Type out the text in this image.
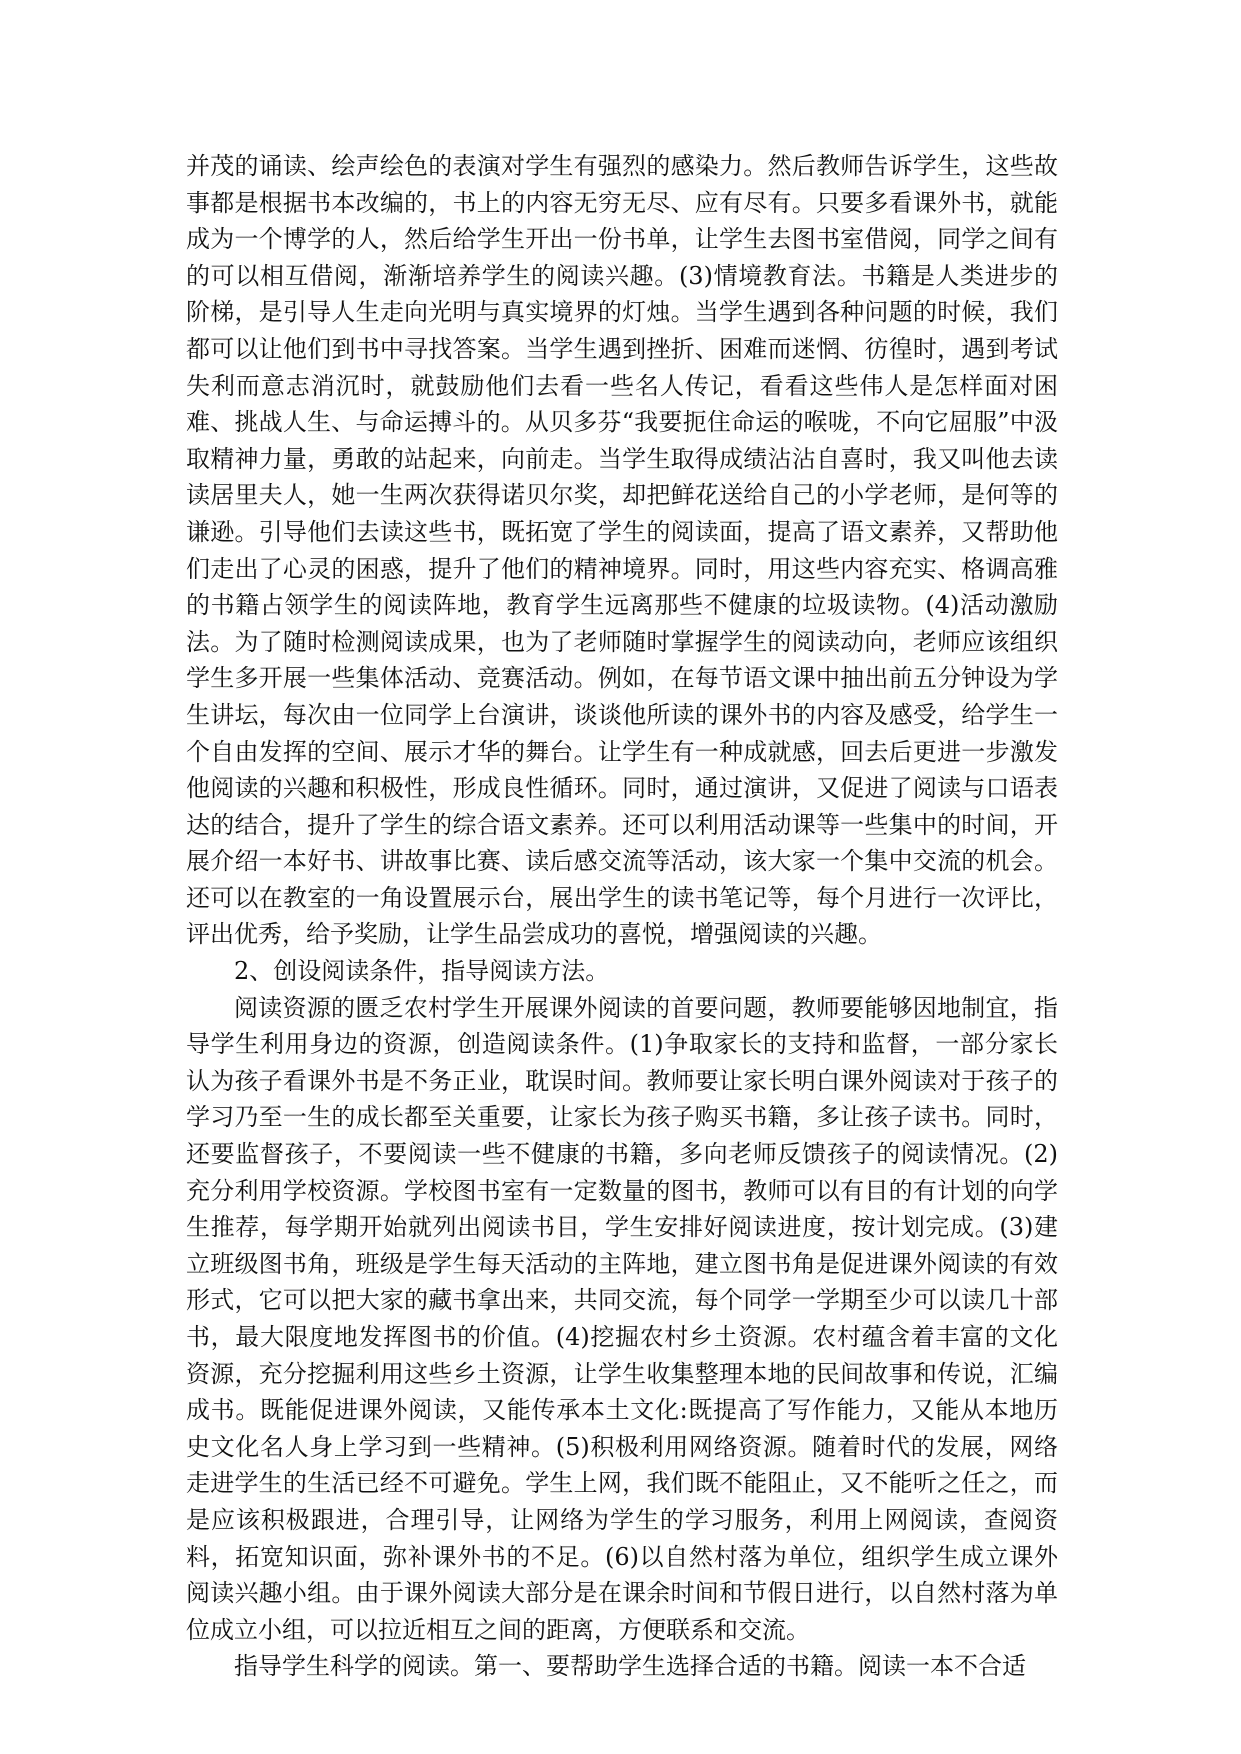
并茂的诵读、绘声绘色的表演对学生有强烈的感染力。然后教师告诉学生，这些故事都是根据书本改编的，书上的内容无穷无尽、应有尽有。只要多看课外书，就能成为一个博学的人，然后给学生开出一份书单，让学生去图书室借阅，同学之间有的可以相互借阅，渐渐培养学生的阅读兴趣。(3)情境教育法。书籍是人类进步的阶梯，是引导人生走向光明与真实境界的灯烛。当学生遇到各种问题的时候，我们都可以让他们到书中寻找答案。当学生遇到挫折、困难而迷惘、彷徨时，遇到考试失利而意志消沉时，就鼓励他们去看一些名人传记，看看这些伟人是怎样面对困难、挑战人生、与命运搏斗的。从贝多芬“我要扼住命运的喉咙，不向它屈服”中汲取精神力量，勇敢的站起来，向前走。当学生取得成绩沾沾自喜时，我又叫他去读读居里夫人，她一生两次获得诺贝尔奖，却把鲜花送给自己的小学老师，是何等的谦逊。引导他们去读这些书，既拓宽了学生的阅读面，提高了语文素养，又帮助他们走出了心灵的困惑，提升了他们的精神境界。同时，用这些内容充实、格调高雅的书籍占领学生的阅读阵地，教育学生远离那些不健康的垃圾读物。(4)活动激励法。为了随时检测阅读成果，也为了老师随时掌握学生的阅读动向，老师应该组织学生多开展一些集体活动、竞赛活动。例如，在每节语文课中抽出前五分钟设为学生讲坛，每次由一位同学上台演讲，谈谈他所读的课外书的内容及感受，给学生一个自由发挥的空间、展示才华的舞台。让学生有一种成就感，回去后更进一步激发他阅读的兴趣和积极性，形成良性循环。同时，通过演讲，又促进了阅读与口语表达的结合，提升了学生的综合语文素养。还可以利用活动课等一些集中的时间，开展介绍一本好书、讲故事比赛、读后感交流等活动，该大家一个集中交流的机会。还可以在教室的一角设置展示台，展出学生的读书笔记等，每个月进行一次评比，评出优秀，给予奖励，让学生品尝成功的喜悦，增强阅读的兴趣。

2、创设阅读条件，指导阅读方法。

阅读资源的匮乏农村学生开展课外阅读的首要问题，教师要能够因地制宜，指导学生利用身边的资源，创造阅读条件。(1)争取家长的支持和监督，一部分家长认为孩子看课外书是不务正业，耽误时间。教师要让家长明白课外阅读对于孩子的学习乃至一生的成长都至关重要，让家长为孩子购买书籍，多让孩子读书。同时，还要监督孩子，不要阅读一些不健康的书籍，多向老师反馈孩子的阅读情况。(2)充分利用学校资源。学校图书室有一定数量的图书，教师可以有目的有计划的向学生推荐，每学期开始就列出阅读书目，学生安排好阅读进度，按计划完成。(3)建立班级图书角，班级是学生每天活动的主阵地，建立图书角是促进课外阅读的有效形式，它可以把大家的藏书拿出来，共同交流，每个同学一学期至少可以读几十部书，最大限度地发挥图书的价值。(4)挖掘农村乡土资源。农村蕴含着丰富的文化资源，充分挖掘利用这些乡土资源，让学生收集整理本地的民间故事和传说，汇编成书。既能促进课外阅读，又能传承本土文化:既提高了写作能力，又能从本地历史文化名人身上学习到一些精神。(5)积极利用网络资源。随着时代的发展，网络走进学生的生活已经不可避免。学生上网，我们既不能阻止，又不能听之任之，而是应该积极跟进，合理引导，让网络为学生的学习服务，利用上网阅读，查阅资料，拓宽知识面，弥补课外书的不足。(6)以自然村落为单位，组织学生成立课外阅读兴趣小组。由于课外阅读大部分是在课余时间和节假日进行，以自然村落为单位成立小组，可以拉近相互之间的距离，方便联系和交流。

指导学生科学的阅读。第一、要帮助学生选择合适的书籍。阅读一本不合适
